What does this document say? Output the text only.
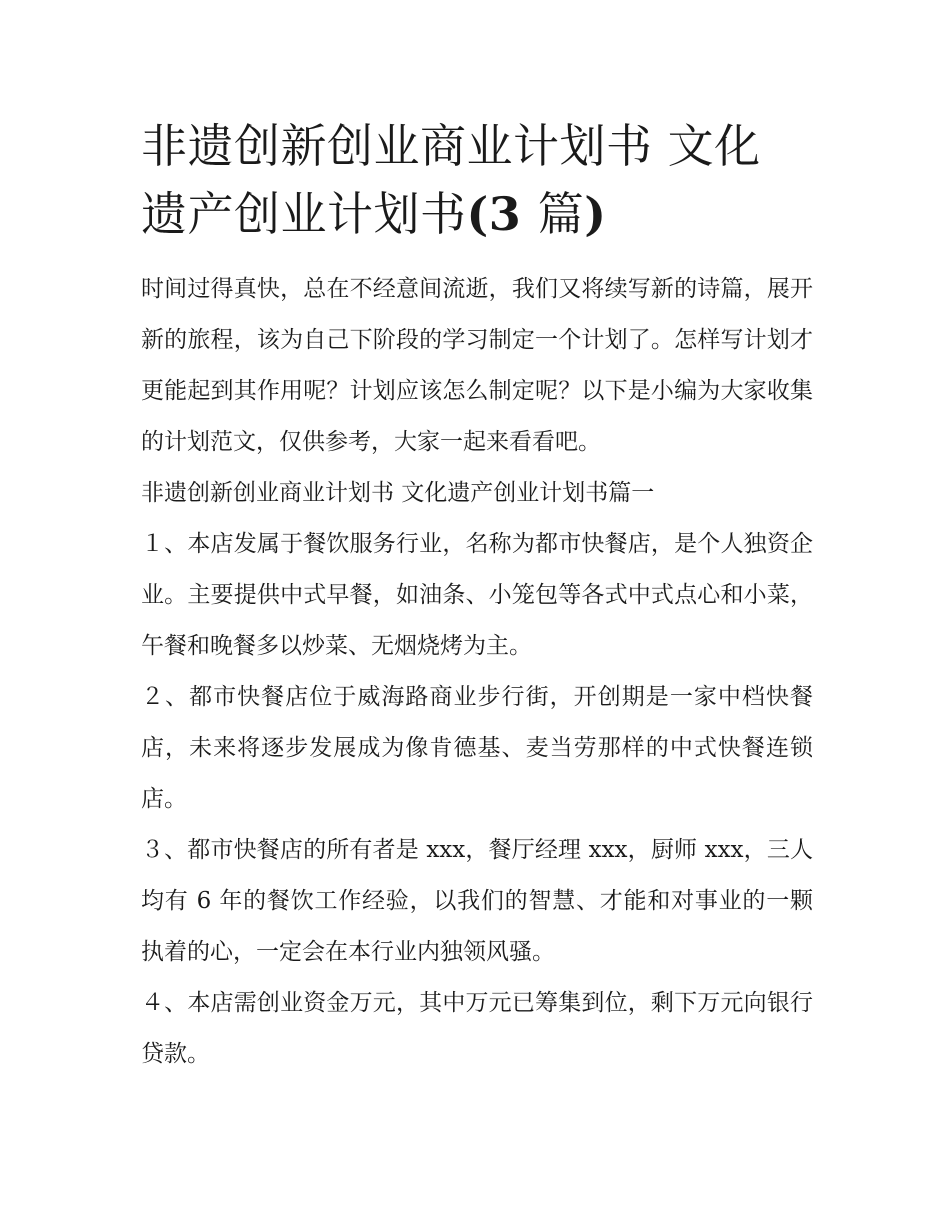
非遗创新创业商业计划书 文化
遗产创业计划书(3 篇)

时间过得真快，总在不经意间流逝，我们又将续写新的诗篇，展开新的旅程，该为自己下阶段的学习制定一个计划了。怎样写计划才更能起到其作用呢？计划应该怎么制定呢？以下是小编为大家收集的计划范文，仅供参考，大家一起来看看吧。

非遗创新创业商业计划书 文化遗产创业计划书篇一

１、本店发属于餐饮服务行业，名称为都市快餐店，是个人独资企业。主要提供中式早餐，如油条、小笼包等各式中式点心和小菜，午餐和晚餐多以炒菜、无烟烧烤为主。

２、都市快餐店位于威海路商业步行街，开创期是一家中档快餐店，未来将逐步发展成为像肯德基、麦当劳那样的中式快餐连锁店。

３、都市快餐店的所有者是 xxx，餐厅经理 xxx，厨师 xxx，三人均有 6 年的餐饮工作经验，以我们的智慧、才能和对事业的一颗执着的心，一定会在本行业内独领风骚。

４、本店需创业资金万元，其中万元已筹集到位，剩下万元向银行贷款。
